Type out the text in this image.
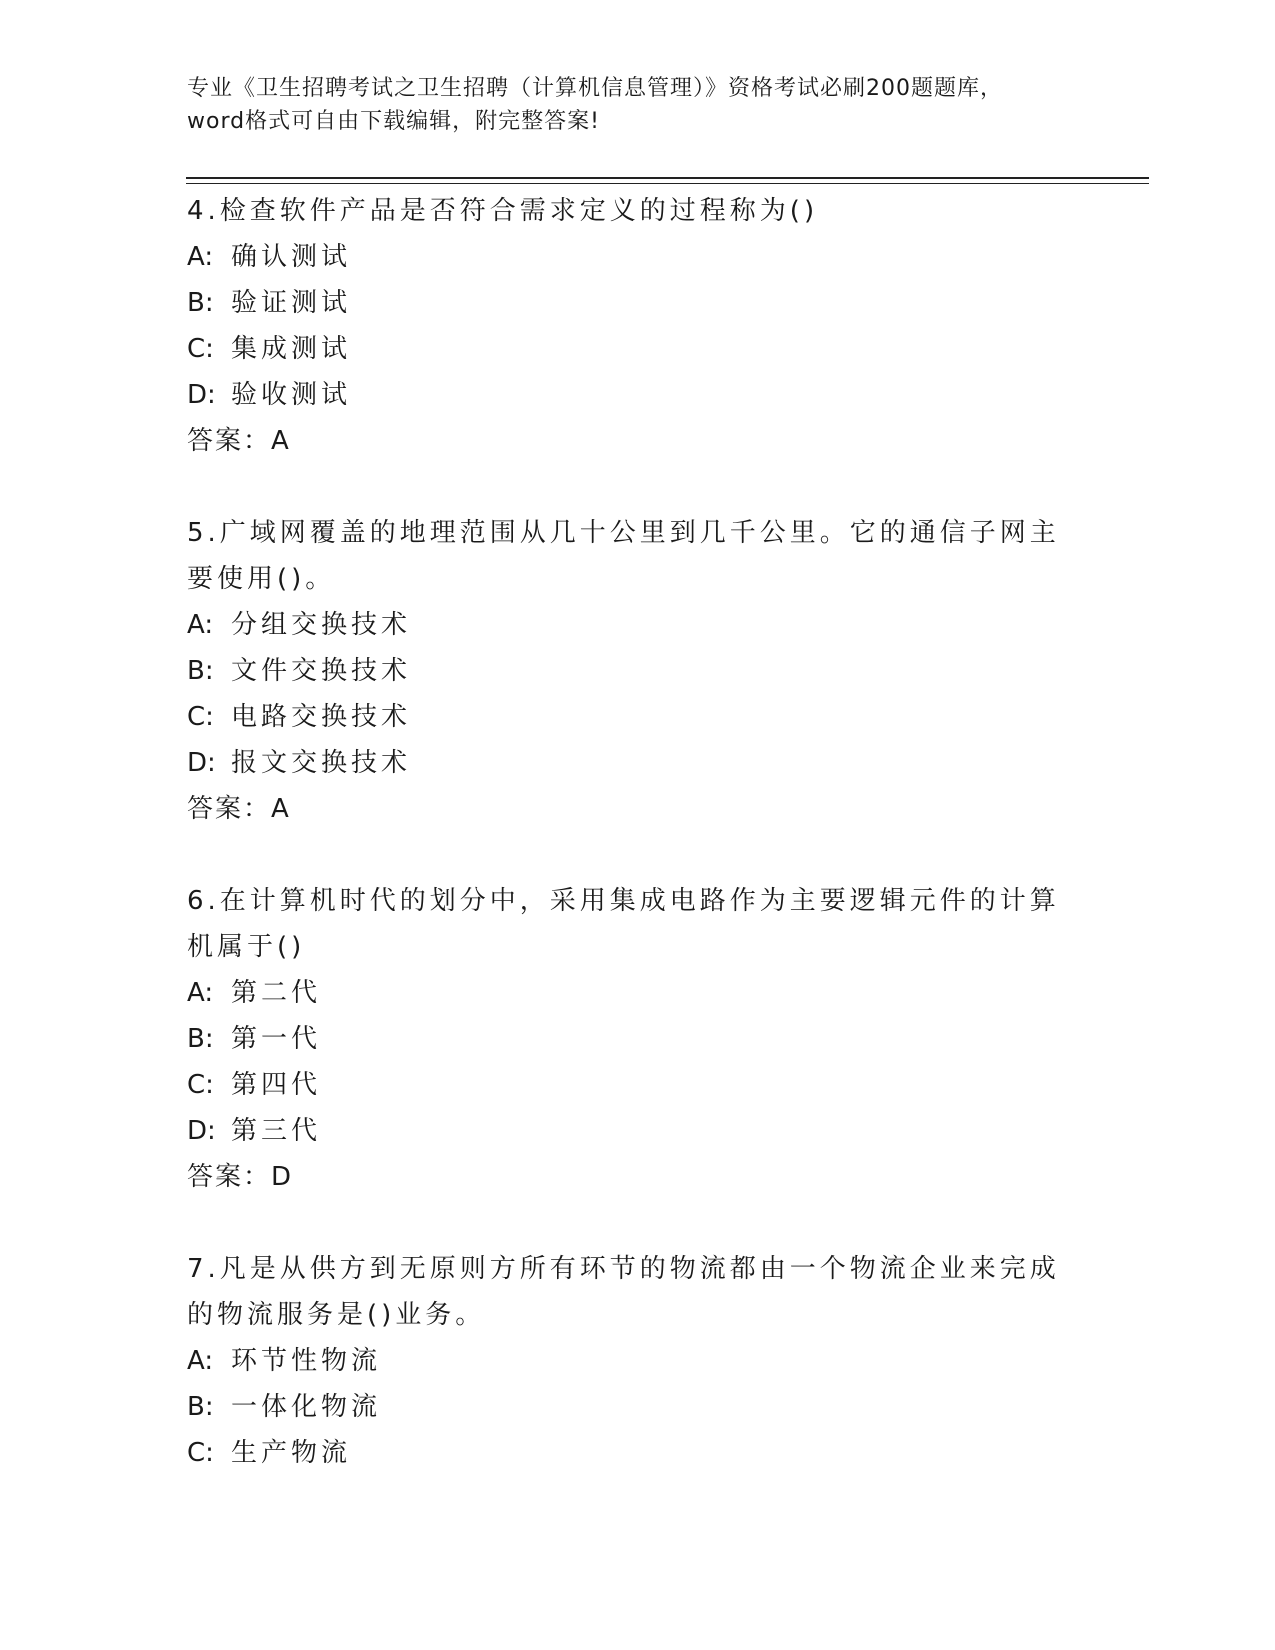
专业《卫生招聘考试之卫生招聘（计算机信息管理）》资格考试必刷200题题库，
word格式可自由下载编辑，附完整答案!
4.检查软件产品是否符合需求定义的过程称为()
A: 确认测试
B: 验证测试
C: 集成测试
D: 验收测试
答案：A
5.广域网覆盖的地理范围从几十公里到几千公里。它的通信子网主要使用()。
A: 分组交换技术
B: 文件交换技术
C: 电路交换技术
D: 报文交换技术
答案：A
6.在计算机时代的划分中，采用集成电路作为主要逻辑元件的计算机属于()
A: 第二代
B: 第一代
C: 第四代
D: 第三代
答案：D
7.凡是从供方到无原则方所有环节的物流都由一个物流企业来完成的物流服务是()业务。
A: 环节性物流
B: 一体化物流
C: 生产物流
